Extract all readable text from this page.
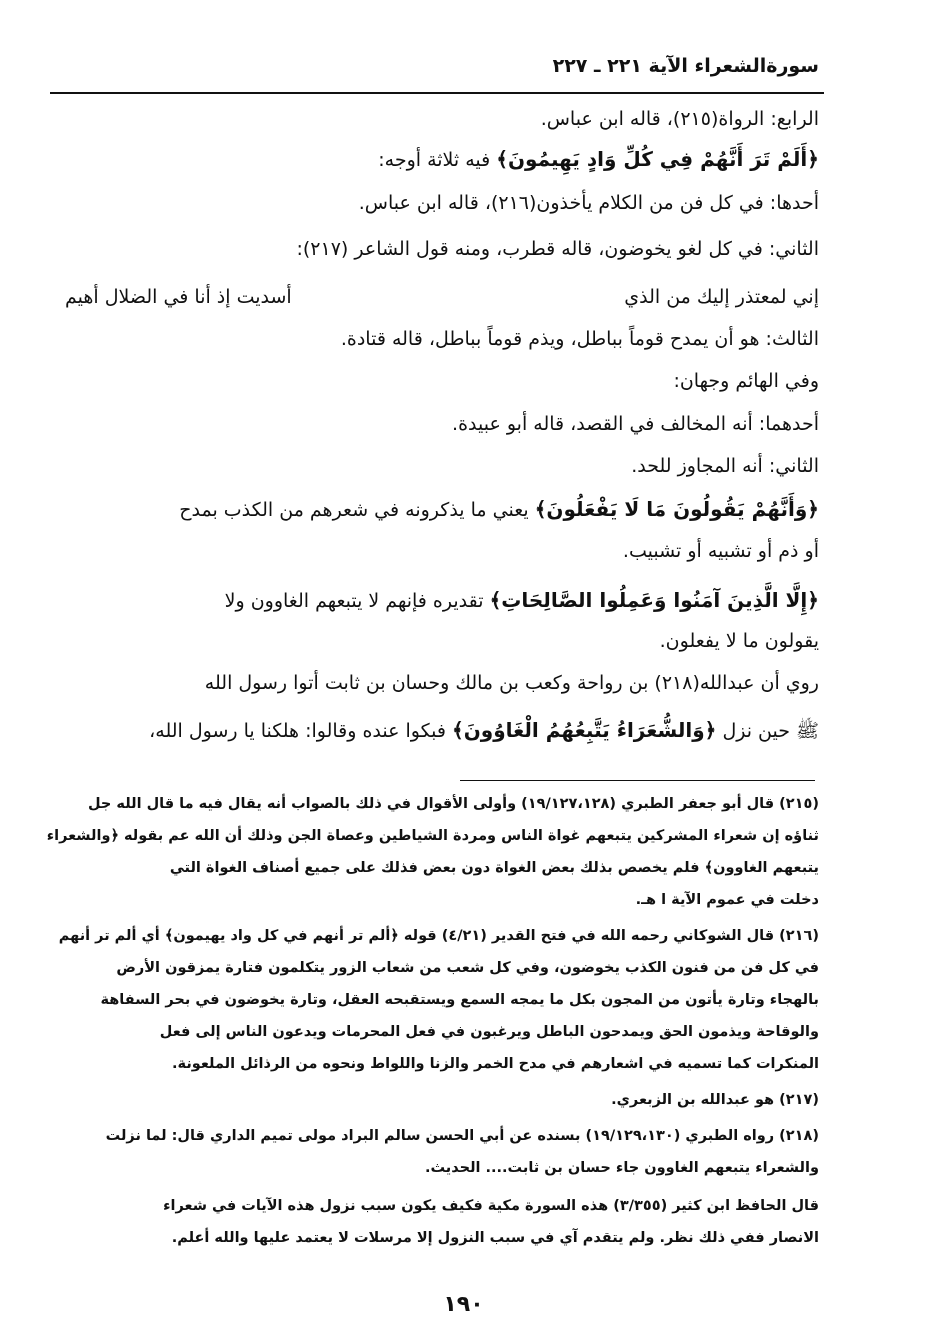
سورةالشعراء الآية ٢٢١ ـ ٢٢٧
الرابع: الرواة(٢١٥)، قاله ابن عباس.
﴿أَلَمْ تَرَ أَنَّهُمْ فِي كُلِّ وَادٍ يَهِيمُونَ﴾ فيه ثلاثة أوجه:
أحدها: في كل فن من الكلام يأخذون(٢١٦)، قاله ابن عباس.
الثاني: في كل لغو يخوضون، قاله قطرب، ومنه قول الشاعر (٢١٧):
إني لمعتذر إليك من الذي
أسديت إذ أنا في الضلال أهيم
الثالث: هو أن يمدح قوماً بباطل، ويذم قوماً بباطل، قاله قتادة.
وفي الهائم وجهان:
أحدهما: أنه المخالف في القصد، قاله أبو عبيدة.
الثاني: أنه المجاوز للحد.
﴿وَأَنَّهُمْ يَقُولُونَ مَا لَا يَفْعَلُونَ﴾ يعني ما يذكرونه في شعرهم من الكذب بمدح
أو ذم أو تشبيه أو تشبيب.
﴿إِلَّا الَّذِينَ آمَنُوا وَعَمِلُوا الصَّالِحَاتِ﴾ تقديره فإنهم لا يتبعهم الغاوون ولا
يقولون ما لا يفعلون.
روي أن عبدالله(٢١٨) بن رواحة وكعب بن مالك وحسان بن ثابت أتوا رسول الله
ﷺ حين نزل ﴿وَالشُّعَرَاءُ يَتَّبِعُهُمُ الْغَاوُونَ﴾ فبكوا عنده وقالوا: هلكنا يا رسول الله،
(٢١٥) قال أبو جعفر الطبري (١٩/١٢٧،١٢٨) وأولى الأقوال في ذلك بالصواب أنه يقال فيه ما قال الله جل
ثناؤه إن شعراء المشركين يتبعهم غواة الناس ومردة الشياطين وعصاة الجن وذلك أن الله عم بقوله ﴿والشعراء
يتبعهم الغاوون﴾ فلم يخصص بذلك بعض الغواة دون بعض فذلك على جميع أصناف الغواة التي
دخلت في عموم الآية ا هـ.
(٢١٦) قال الشوكاني رحمه الله في فتح القدير (٤/٢١) قوله ﴿ألم تر أنهم في كل واد يهيمون﴾ أي ألم تر أنهم
في كل فن من فنون الكذب يخوضون، وفي كل شعب من شعاب الزور يتكلمون فتارة يمزقون الأرض
بالهجاء وتارة يأتون من المجون بكل ما يمجه السمع ويستقبحه العقل، وتارة يخوضون في بحر السفاهة
والوقاحة ويذمون الحق ويمدحون الباطل ويرغبون في فعل المحرمات ويدعون الناس إلى فعل
المنكرات كما تسميه في اشعارهم في مدح الخمر والزنا واللواط ونحوه من الرذائل الملعونة.
(٢١٧) هو عبدالله بن الزبعري.
(٢١٨) رواه الطبري (١٩/١٢٩،١٣٠) بسنده عن أبي الحسن سالم البراد مولى تميم الداري قال: لما نزلت
والشعراء يتبعهم الغاوون جاء حسان بن ثابت.... الحديث.
قال الحافظ ابن كثير (٣/٣٥٥) هذه السورة مكية فكيف يكون سبب نزول هذه الآيات في شعراء
الانصار ففي ذلك نظر. ولم يتقدم آي في سبب النزول إلا مرسلات لا يعتمد عليها والله أعلم.
١٩٠
